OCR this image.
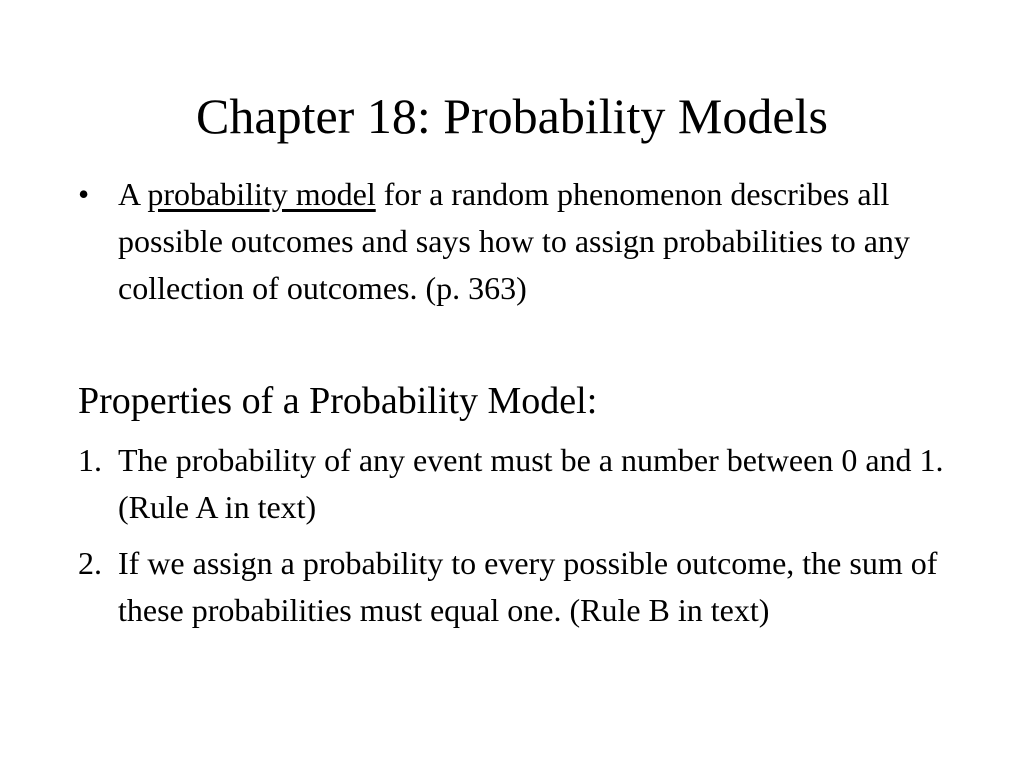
Chapter 18: Probability Models
• A probability model for a random phenomenon describes all possible outcomes and says how to assign probabilities to any collection of outcomes. (p. 363)
Properties of a Probability Model:
1. The probability of any event must be a number between 0 and 1. (Rule A in text)
2. If we assign a probability to every possible outcome, the sum of these probabilities must equal one. (Rule B in text)
